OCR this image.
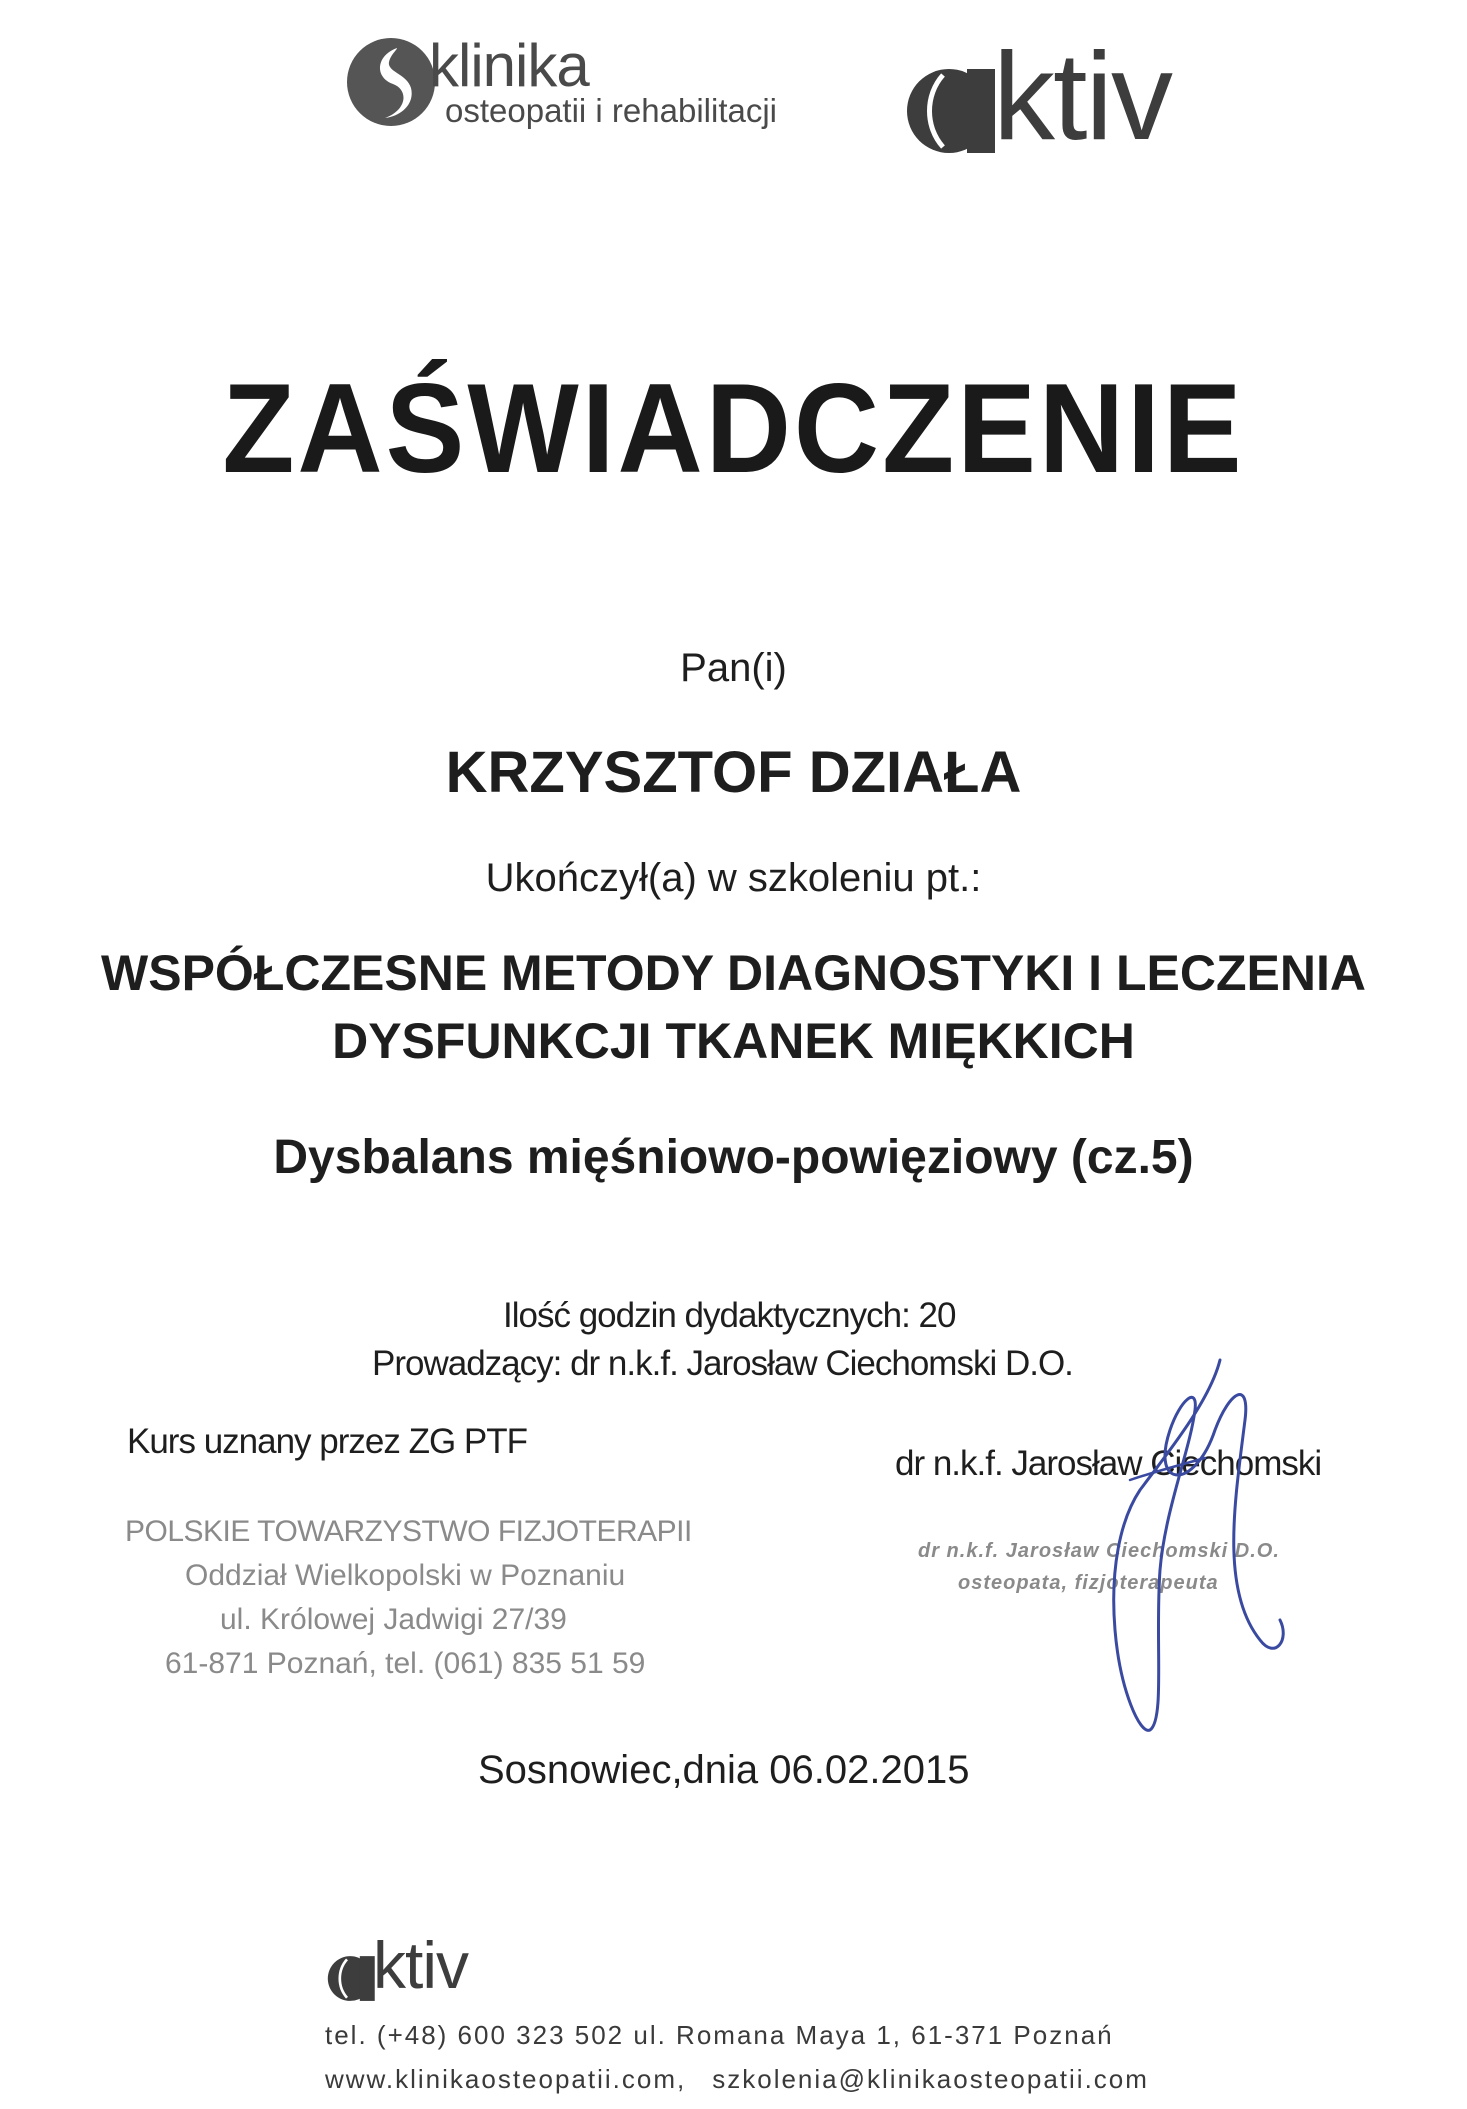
klinika
osteopatii i rehabilitacji ktiv
ZAŚWIADCZENIE
Pan(i)
KRZYSZTOF DZIAŁA
Ukończył(a) w szkoleniu pt.:
WSPÓŁCZESNE METODY DIAGNOSTYKI I LECZENIA
DYSFUNKCJI TKANEK MIĘKKICH
Dysbalans mięśniowo-powięziowy (cz.5)
Ilość godzin dydaktycznych: 20
Prowadzący: dr n.k.f. Jarosław Ciechomski D.O.
Kurs uznany przez ZG PTF
dr n.k.f. Jarosław Ciechomski
POLSKIE TOWARZYSTWO FIZJOTERAPII
Oddział Wielkopolski w Poznaniu
ul. Królowej Jadwigi 27/39
61-871 Poznań, tel. (061) 835 51 59
dr n.k.f. Jarosław Ciechomski D.O.
osteopata, fizjoterapeuta
Sosnowiec,dnia 06.02.2015
ktiv
tel. (+48) 600 323 502 ul. Romana Maya 1, 61-371 Poznań
www.klinikaosteopatii.com, szkolenia@klinikaosteopatii.com
